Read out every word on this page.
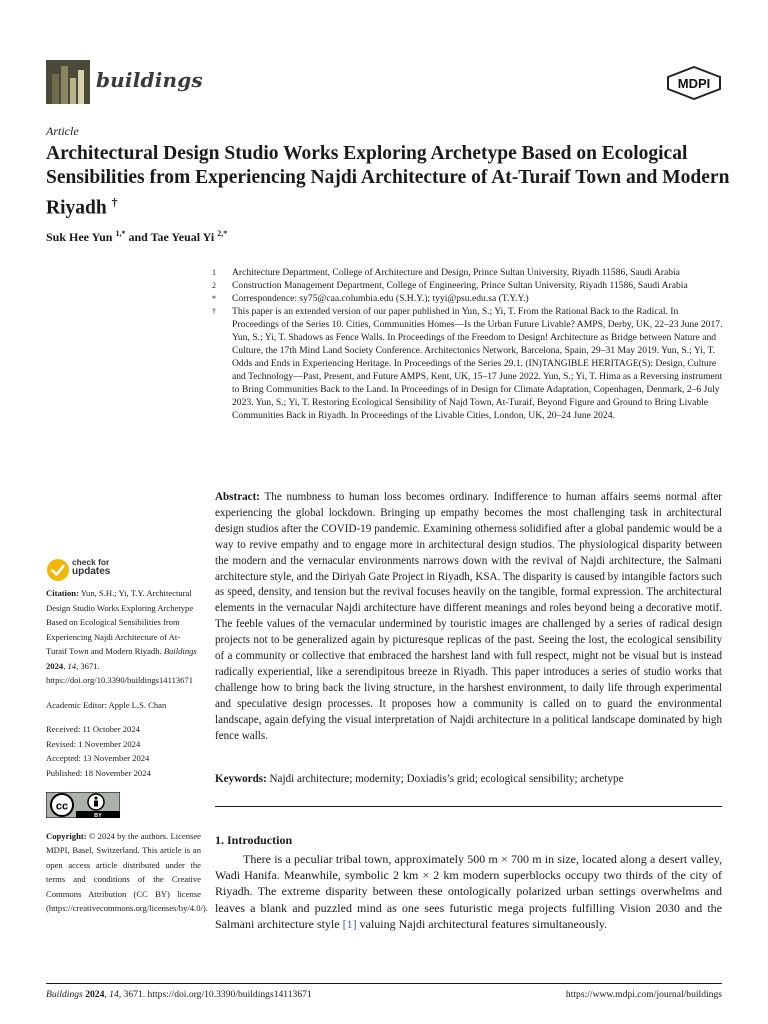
buildings	MDPI
Article
Architectural Design Studio Works Exploring Archetype Based on Ecological Sensibilities from Experiencing Najdi Architecture of At-Turaif Town and Modern Riyadh †
Suk Hee Yun $^{1,*}$ and Tae Yeual Yi $^{2,*}$
1 Architecture Department, College of Architecture and Design, Prince Sultan University, Riyadh 11586, Saudi Arabia
2 Construction Management Department, College of Engineering, Prince Sultan University, Riyadh 11586, Saudi Arabia
* Correspondence: sy75@caa.columbia.edu (S.H.Y.); tyyi@psu.edu.sa (T.Y.Y.)
† This paper is an extended version of our paper published in Yun, S.; Yi, T. From the Rational Back to the Radical. In Proceedings of the Series 10. Cities, Communities Homes—Is the Urban Future Livable? AMPS, Derby, UK, 22–23 June 2017. Yun, S.; Yi, T. Shadows as Fence Walls. In Proceedings of the Freedom to Design! Architecture as Bridge between Nature and Culture, the 17th Mind Land Society Conference. Architectonics Network, Barcelona, Spain, 29–31 May 2019. Yun, S.; Yi, T. Odds and Ends in Experiencing Heritage. In Proceedings of the Series 29.1. (IN)TANGIBLE HERITAGE(S): Design, Culture and Technology—Past, Present, and Future AMPS, Kent, UK, 15–17 June 2022. Yun, S.; Yi, T. Hima as a Reversing instrument to Bring Communities Back to the Land. In Proceedings of in Design for Climate Adaptation, Copenhagen, Denmark, 2–6 July 2023. Yun, S.; Yi, T. Restoring Ecological Sensibility of Najd Town, At-Turaif, Beyond Figure and Ground to Bring Livable Communities Back in Riyadh. In Proceedings of the Livable Cities, London, UK, 20–24 June 2024.
Abstract: The numbness to human loss becomes ordinary. Indifference to human affairs seems normal after experiencing the global lockdown. Bringing up empathy becomes the most challenging task in architectural design studios after the COVID-19 pandemic. Examining otherness solidified after a global pandemic would be a way to revive empathy and to engage more in architectural design studios. The physiological disparity between the modern and the vernacular environments narrows down with the revival of Najdi architecture, the Salmani architecture style, and the Diriyah Gate Project in Riyadh, KSA. The disparity is caused by intangible factors such as speed, density, and tension but the revival focuses heavily on the tangible, formal expression. The architectural elements in the vernacular Najdi architecture have different meanings and roles beyond being a decorative motif. The feeble values of the vernacular undermined by touristic images are challenged by a series of radical design projects not to be generalized again by picturesque replicas of the past. Seeing the lost, the ecological sensibility of a community or collective that embraced the harshest land with full respect, might not be visual but is instead radically experiential, like a serendipitous breeze in Riyadh. This paper introduces a series of studio works that challenge how to bring back the living structure, in the harshest environment, to daily life through experimental and speculative design processes. It proposes how a community is called on to guard the environmental landscape, again defying the visual interpretation of Najdi architecture in a political landscape dominated by high fence walls.
Keywords: Najdi architecture; modernity; Doxiadis’s grid; ecological sensibility; archetype
1. Introduction
There is a peculiar tribal town, approximately 500 m × 700 m in size, located along a desert valley, Wadi Hanifa. Meanwhile, symbolic 2 km × 2 km modern superblocks occupy two thirds of the city of Riyadh. The extreme disparity between these ontologically polarized urban settings overwhelms and leaves a blank and puzzled mind as one sees futuristic mega projects fulfilling Vision 2030 and the Salmani architecture style [1] valuing Najdi architectural features simultaneously.
check for
updates
Citation: Yun, S.H.; Yi, T.Y. Architectural Design Studio Works Exploring Archetype Based on Ecological Sensibilities from Experiencing Najdi Architecture of At-Turaif Town and Modern Riyadh. Buildings 2024, 14, 3671. https://doi.org/10.3390/buildings14113671
Academic Editor: Apple L.S. Chan
Received: 11 October 2024
Revised: 1 November 2024
Accepted: 13 November 2024
Published: 18 November 2024
cc
BY
Copyright: © 2024 by the authors. Licensee MDPI, Basel, Switzerland. This article is an open access article distributed under the terms and conditions of the Creative Commons Attribution (CC BY) license (https://creativecommons.org/licenses/by/4.0/).
Buildings 2024, 14, 3671. https://doi.org/10.3390/buildings14113671	https://www.mdpi.com/journal/buildings
